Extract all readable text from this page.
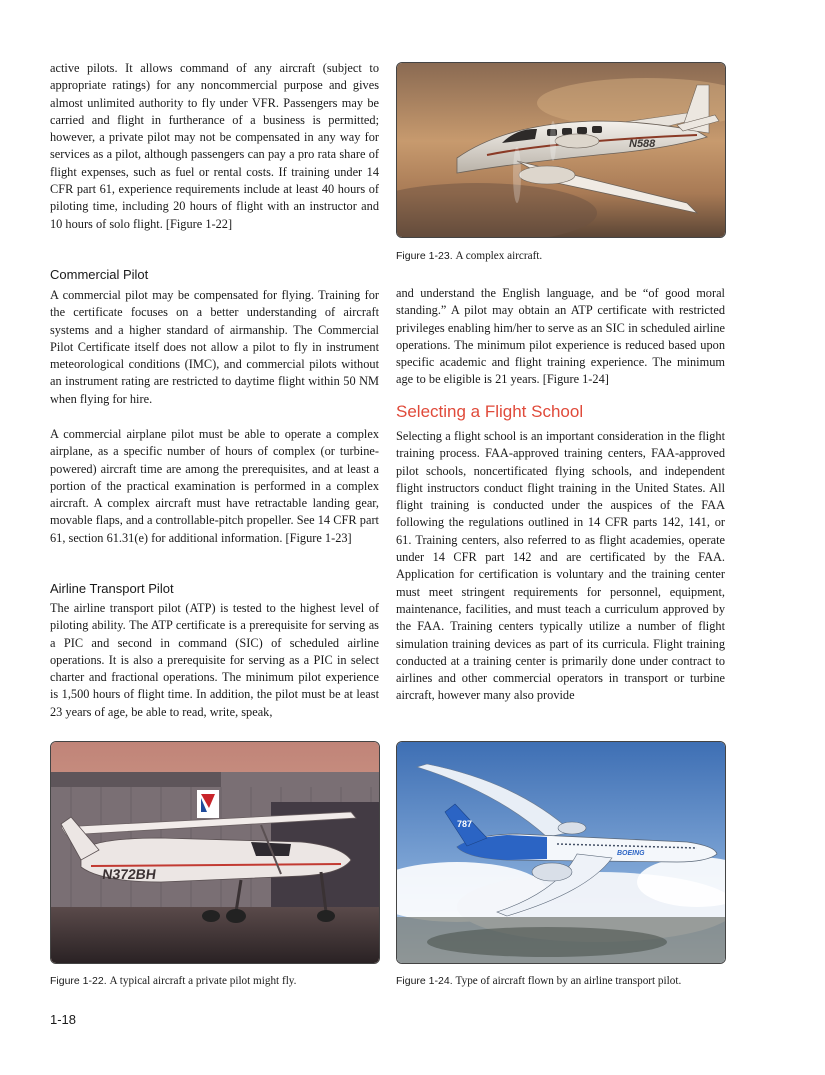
active pilots. It allows command of any aircraft (subject to appropriate ratings) for any noncommercial purpose and gives almost unlimited authority to fly under VFR. Passengers may be carried and flight in furtherance of a business is permitted; however, a private pilot may not be compensated in any way for services as a pilot, although passengers can pay a pro rata share of flight expenses, such as fuel or rental costs. If training under 14 CFR part 61, experience requirements include at least 40 hours of piloting time, including 20 hours of flight with an instructor and 10 hours of solo flight. [Figure 1-22]

Commercial Pilot

A commercial pilot may be compensated for flying. Training for the certificate focuses on a better understanding of aircraft systems and a higher standard of airmanship. The Commercial Pilot Certificate itself does not allow a pilot to fly in instrument meteorological conditions (IMC), and commercial pilots without an instrument rating are restricted to daytime flight within 50 NM when flying for hire.

A commercial airplane pilot must be able to operate a complex airplane, as a specific number of hours of complex (or turbine-powered) aircraft time are among the prerequisites, and at least a portion of the practical examination is performed in a complex aircraft. A complex aircraft must have retractable landing gear, movable flaps, and a controllable-pitch propeller. See 14 CFR part 61, section 61.31(e) for additional information. [Figure 1-23]

Airline Transport Pilot

The airline transport pilot (ATP) is tested to the highest level of piloting ability. The ATP certificate is a prerequisite for serving as a PIC and second in command (SIC) of scheduled airline operations. It is also a prerequisite for serving as a PIC in select charter and fractional operations. The minimum pilot experience is 1,500 hours of flight time. In addition, the pilot must be at least 23 years of age, be able to read, write, speak,

N588

Figure 1-23. A complex aircraft.

and understand the English language, and be “of good moral standing.” A pilot may obtain an ATP certificate with restricted privileges enabling him/her to serve as an SIC in scheduled airline operations. The minimum pilot experience is reduced based upon specific academic and flight training experience. The minimum age to be eligible is 21 years. [Figure 1-24]

Selecting a Flight School

Selecting a flight school is an important consideration in the flight training process. FAA-approved training centers, FAA-approved pilot schools, noncertificated flying schools, and independent flight instructors conduct flight training in the United States. All flight training is conducted under the auspices of the FAA following the regulations outlined in 14 CFR parts 142, 141, or 61. Training centers, also referred to as flight academies, operate under 14 CFR part 142 and are certificated by the FAA. Application for certification is voluntary and the training center must meet stringent requirements for personnel, equipment, maintenance, facilities, and must teach a curriculum approved by the FAA. Training centers typically utilize a number of flight simulation training devices as part of its curricula. Flight training conducted at a training center is primarily done under contract to airlines and other commercial operators in transport or turbine aircraft, however many also provide

N372BH

Figure 1-22. A typical aircraft a private pilot might fly.

BOEING
787

Figure 1-24. Type of aircraft flown by an airline transport pilot.

1-18
